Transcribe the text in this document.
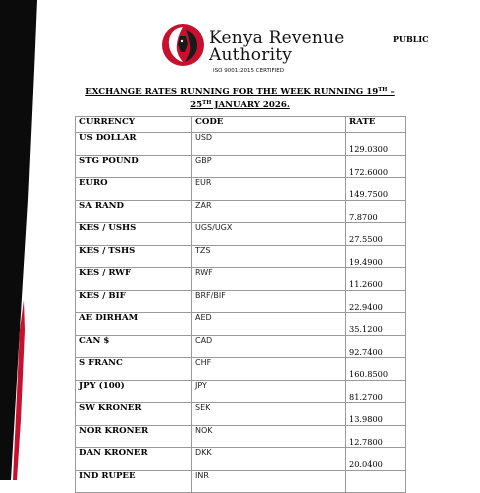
Kenya Revenue
Authority
ISO 9001:2015 CERTIFIED
PUBLIC
EXCHANGE RATES RUNNING FOR THE WEEK RUNNING 19TH –
25TH JANUARY 2026.
CURRENCY	CODE	RATE
US DOLLAR	USD	129.0300

STG POUND	GBP	172.6000

EURO	EUR	149.7500

SA RAND	ZAR	7.8700

KES / USHS	UGS/UGX	27.5500

KES / TSHS	TZS	19.4900

KES / RWF	RWF	11.2600

KES / BIF	BRF/BIF	22.9400

AE DIRHAM	AED	35.1200

CAN $	CAD	92.7400

S FRANC	CHF	160.8500

JPY (100)	JPY	81.2700

SW KRONER	SEK	13.9800

NOR KRONER	NOK	12.7800

DAN KRONER	DKK	20.0400

IND RUPEE	INR	
